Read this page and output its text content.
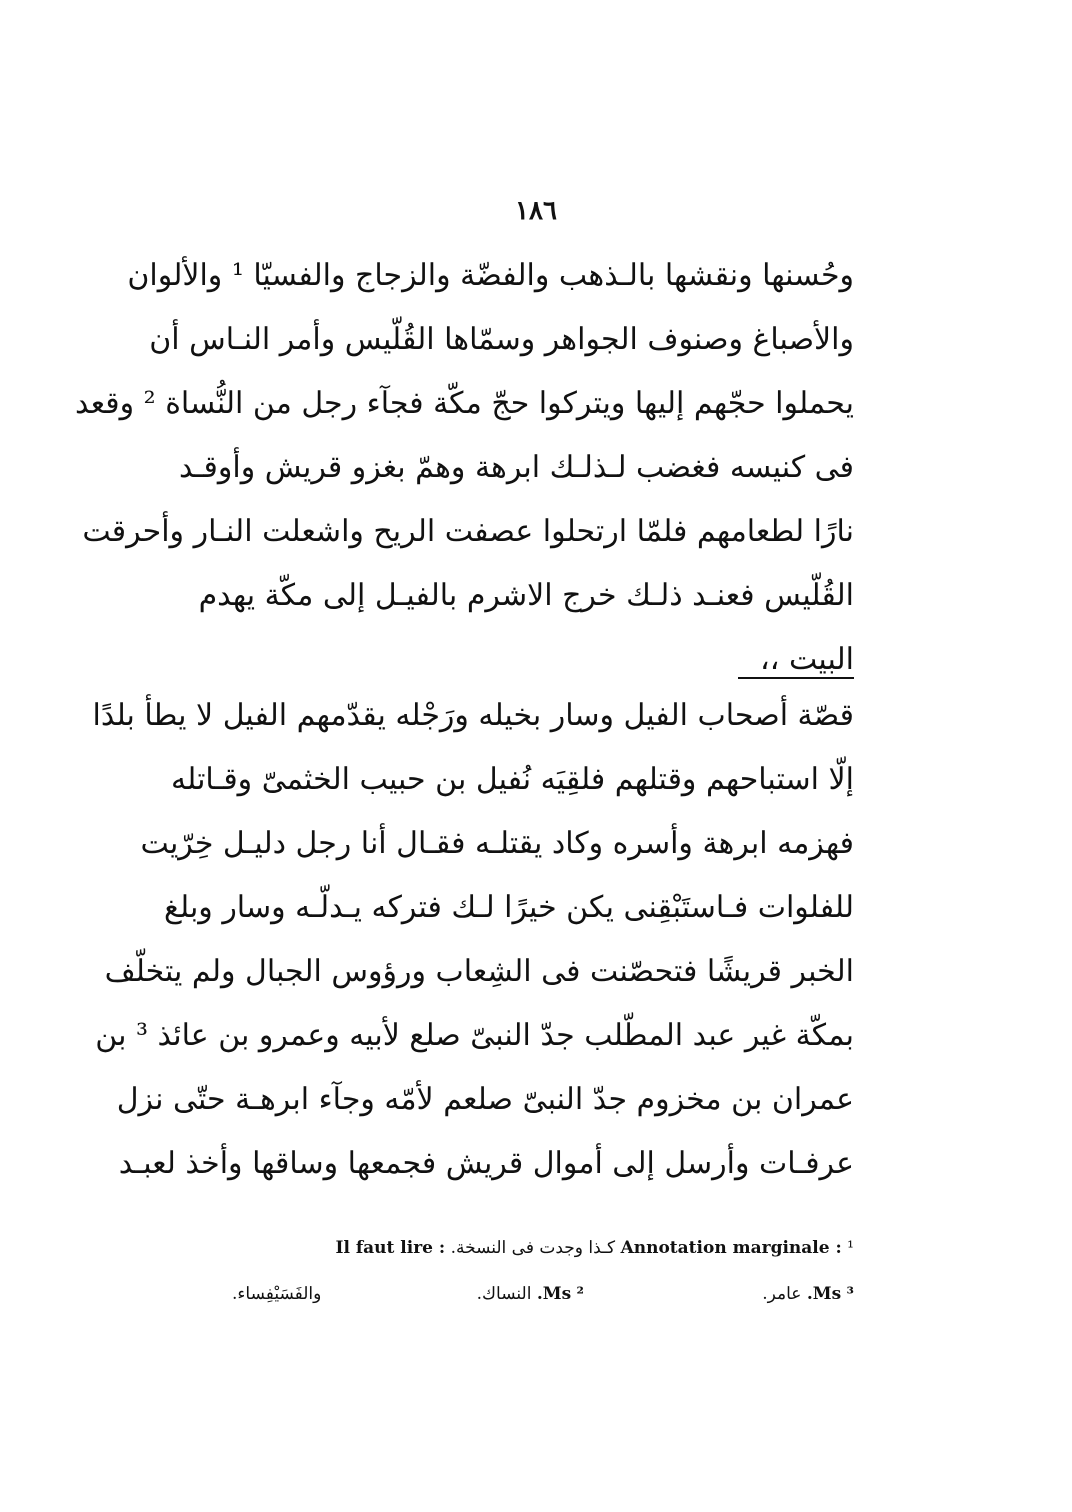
١٨٦
وحُسنها ونقشها بالـذهب والفضّة والزجاج والفسيّا ¹ والألوان
والأصباغ وصنوف الجواهر وسمّاها القُلّيس وأمر النـاس أن
يحملوا حجّهم إليها ويتركوا حجّ مكّة فجآء رجل من النُّساة ² وقعد
فى كنيسه فغضب لـذلـك ابرهة وهمّ بغزو قريش وأوقـد
نارًا لطعامهم فلمّا ارتحلوا عصفت الريح واشعلت النـار وأحرقت
القُلّيس فعنـد ذلـك خرج الاشرم بالفيـل إلى مكّة يهدم
البيت ،،
قصّة أصحاب الفيل وسار بخيله ورَجْله يقدّمهم الفيل لا يطأ بلدًا
إلّا استباحهم وقتلهم فلقِيَه نُفيل بن حبيب الخثمىّ وقـاتله
فهزمه ابرهة وأسره وكاد يقتلـه فقـال أنا رجل دليـل خِرّيت
للفلوات فـاستَبْقِنى يكن خيرًا لـك فتركه يـدلّـه وسار وبلغ
الخبر قريشًا فتحصّنت فى الشِعاب ورؤوس الجبال ولم يتخلّف
بمكّة غير عبد المطّلب جدّ النبىّ صلع لأبيه وعمرو بن عائذ ³ بن
عمران بن مخزوم جدّ النبىّ صلعم لأمّه وجآء ابرهـة حتّى نزل
عرفـات وأرسل إلى أموال قريش فجمعها وساقها وأخذ لعبـد
¹ Annotation marginale : كـذا وجدت فى النسخة. Il faut lire :
³ Ms. عامر.
² Ms. النساك.
والفَسَيْفِساء.
